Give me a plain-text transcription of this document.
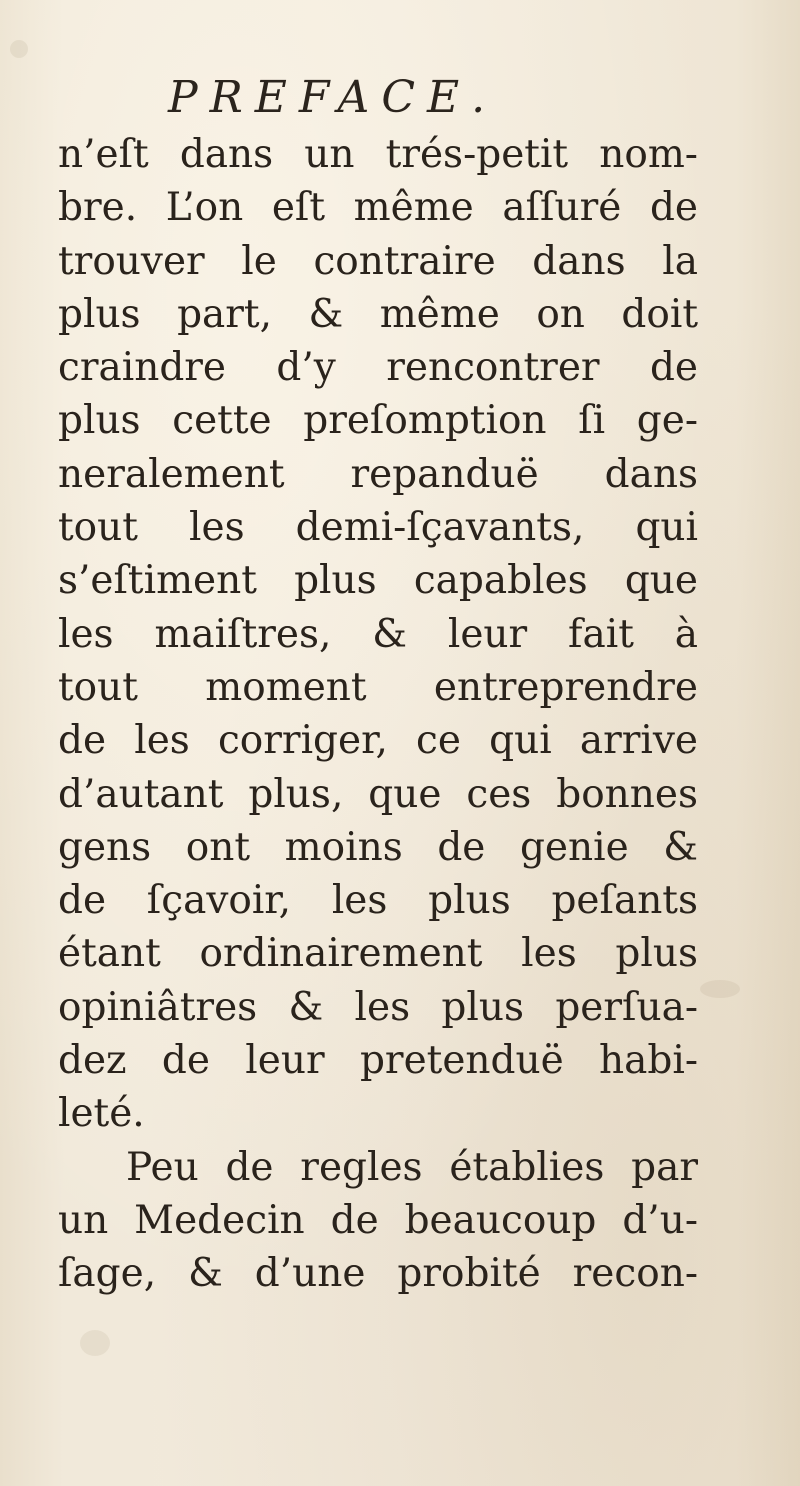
PREFACE.
n’eſt dans un trés-petit nom-
bre. L’on eſt même aſſuré de
trouver le contraire dans la
plus part, & même on doit
craindre d’y rencontrer de
plus cette preſomption ſi ge-
neralement repanduë dans
tout les demi-ſçavants, qui
s’eſtiment plus capables que
les maiſtres, & leur fait à
tout moment entreprendre
de les corriger, ce qui arrive
d’autant plus, que ces bonnes
gens ont moins de genie &
de ſçavoir, les plus peſants
étant ordinairement les plus
opiniâtres & les plus perſua-
dez de leur pretenduë habi-
leté.
Peu de regles établies par
un Medecin de beaucoup d’u-
ſage, & d’une probité recon-
